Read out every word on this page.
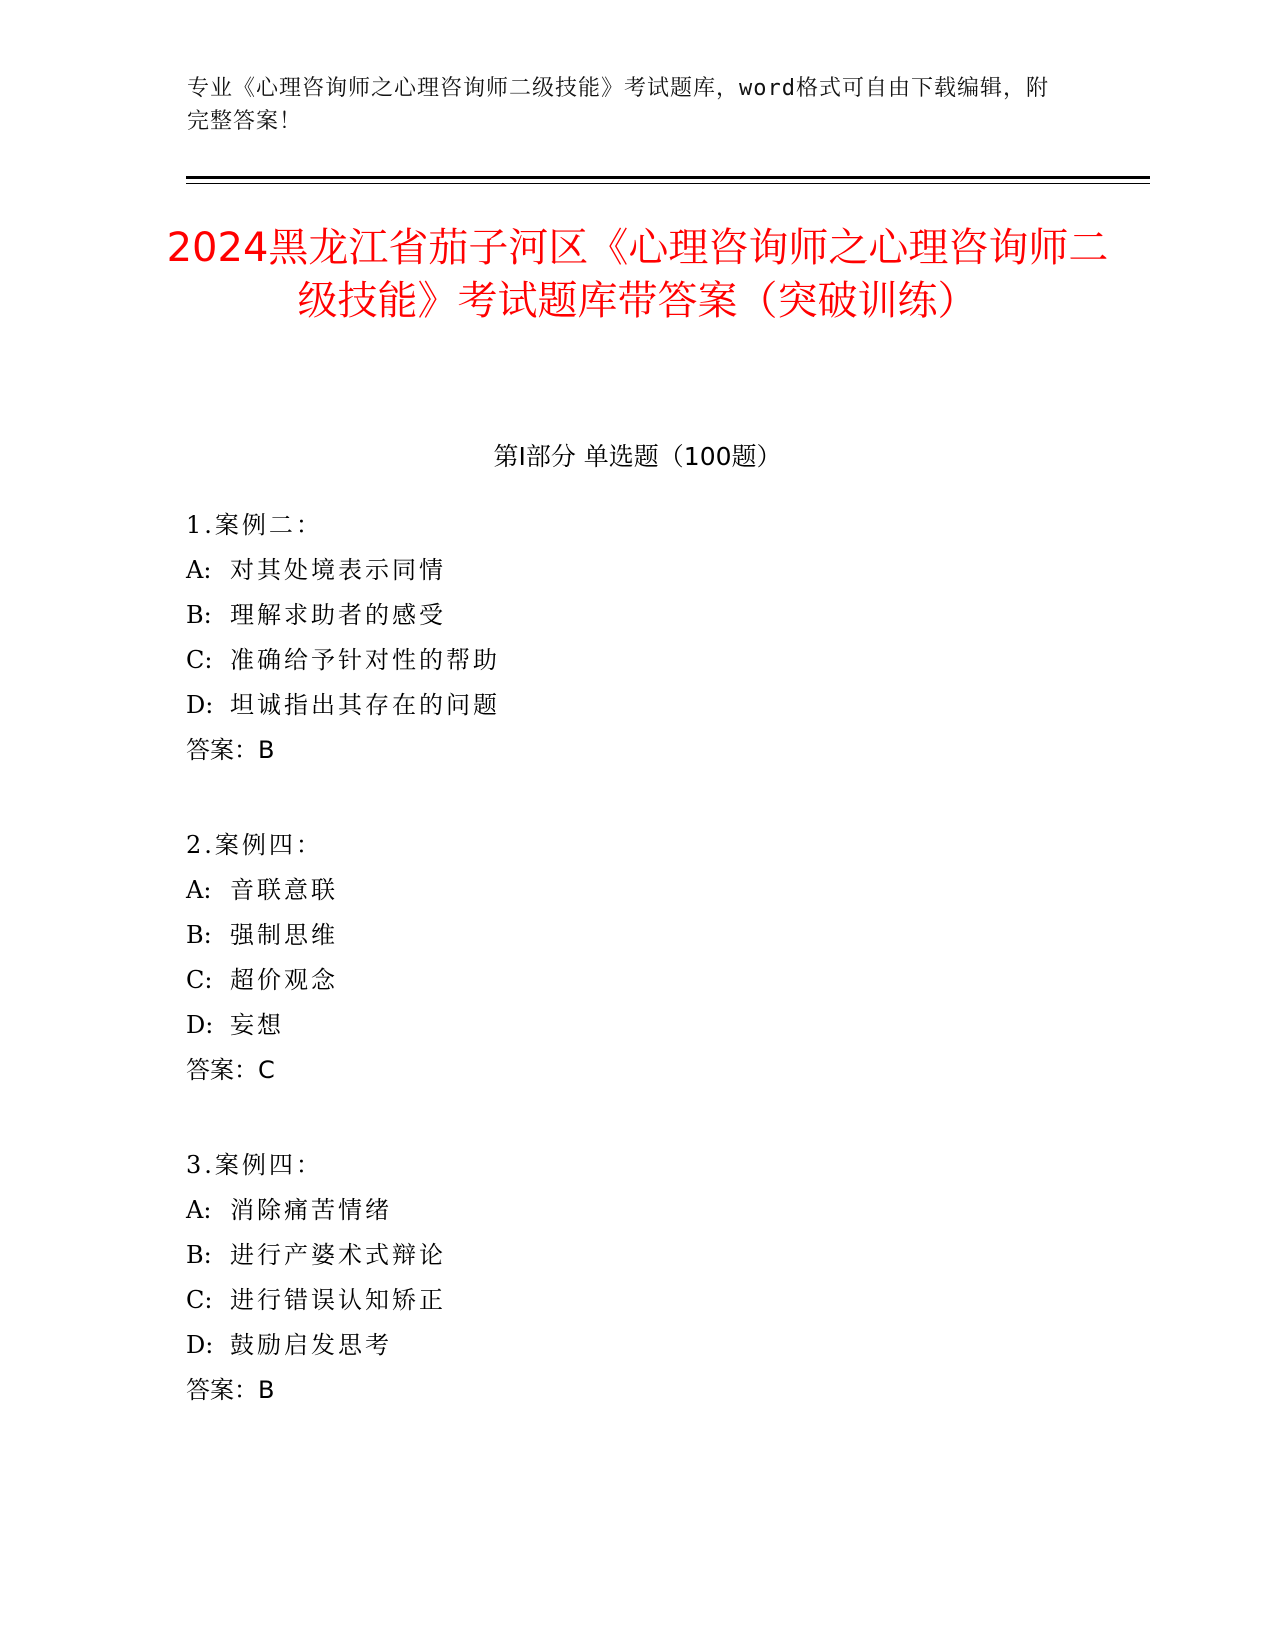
专业《心理咨询师之心理咨询师二级技能》考试题库，word格式可自由下载编辑，附完整答案！
2024黑龙江省茄子河区《心理咨询师之心理咨询师二级技能》考试题库带答案（突破训练）
第I部分 单选题（100题）
1.案例二：
A: 对其处境表示同情
B: 理解求助者的感受
C: 准确给予针对性的帮助
D: 坦诚指出其存在的问题
答案：B
2.案例四：
A: 音联意联
B: 强制思维
C: 超价观念
D: 妄想
答案：C
3.案例四：
A: 消除痛苦情绪
B: 进行产婆术式辩论
C: 进行错误认知矫正
D: 鼓励启发思考
答案：B
